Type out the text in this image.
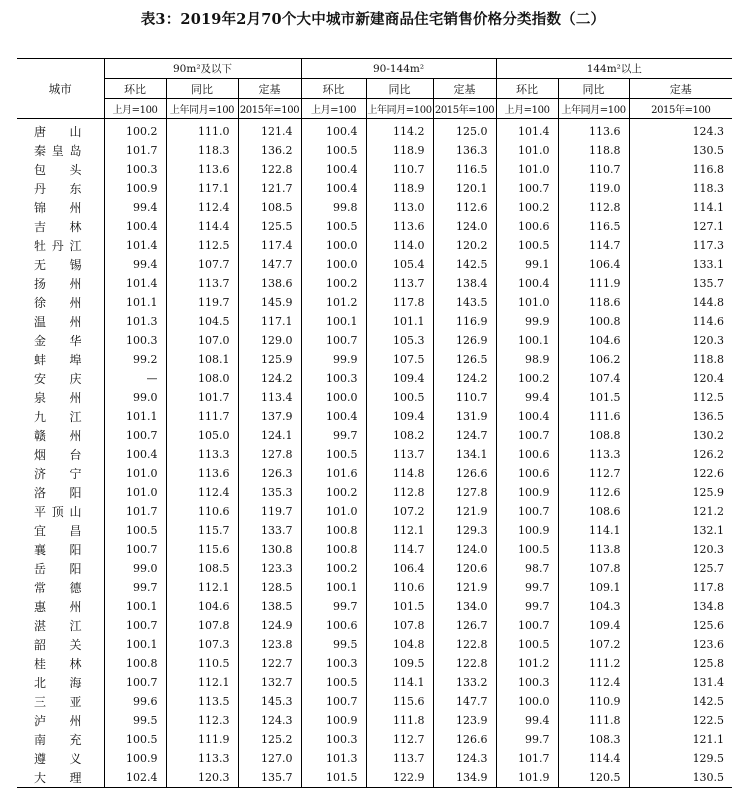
表3：2019年2月70个大中城市新建商品住宅销售价格分类指数（二）
城市	90m²及以下			90-144m²			144m²以上		
	环比	同比	定基	环比	同比	定基	环比	同比	定基
	上月=100	上年同月=100	2015年=100	上月=100	上年同月=100	2015年=100	上月=100	上年同月=100	2015年=100
唐山	100.2	111.0	121.4	100.4	114.2	125.0	101.4	113.6	124.3
秦皇岛	101.7	118.3	136.2	100.5	118.9	136.3	101.0	118.8	130.5
包头	100.3	113.6	122.8	100.4	110.7	116.5	101.0	110.7	116.8
丹东	100.9	117.1	121.7	100.4	118.9	120.1	100.7	119.0	118.3
锦州	99.4	112.4	108.5	99.8	113.0	112.6	100.2	112.8	114.1
吉林	100.4	114.4	125.5	100.5	113.6	124.0	100.6	116.5	127.1
牡丹江	101.4	112.5	117.4	100.0	114.0	120.2	100.5	114.7	117.3
无锡	99.4	107.7	147.7	100.0	105.4	142.5	99.1	106.4	133.1
扬州	101.4	113.7	138.6	100.2	113.7	138.4	100.4	111.9	135.7
徐州	101.1	119.7	145.9	101.2	117.8	143.5	101.0	118.6	144.8
温州	101.3	104.5	117.1	100.1	101.1	116.9	99.9	100.8	114.6
金华	100.3	107.0	129.0	100.7	105.3	126.9	100.1	104.6	120.3
蚌埠	99.2	108.1	125.9	99.9	107.5	126.5	98.9	106.2	118.8
安庆	—	108.0	124.2	100.3	109.4	124.2	100.2	107.4	120.4
泉州	99.0	101.7	113.4	100.0	100.5	110.7	99.4	101.5	112.5
九江	101.1	111.7	137.9	100.4	109.4	131.9	100.4	111.6	136.5
赣州	100.7	105.0	124.1	99.7	108.2	124.7	100.7	108.8	130.2
烟台	100.4	113.3	127.8	100.5	113.7	134.1	100.6	113.3	126.2
济宁	101.0	113.6	126.3	101.6	114.8	126.6	100.6	112.7	122.6
洛阳	101.0	112.4	135.3	100.2	112.8	127.8	100.9	112.6	125.9
平顶山	101.7	110.6	119.7	101.0	107.2	121.9	100.7	108.6	121.2
宜昌	100.5	115.7	133.7	100.8	112.1	129.3	100.9	114.1	132.1
襄阳	100.7	115.6	130.8	100.8	114.7	124.0	100.5	113.8	120.3
岳阳	99.0	108.5	123.3	100.2	106.4	120.6	98.7	107.8	125.7
常德	99.7	112.1	128.5	100.1	110.6	121.9	99.7	109.1	117.8
惠州	100.1	104.6	138.5	99.7	101.5	134.0	99.7	104.3	134.8
湛江	100.7	107.8	124.9	100.6	107.8	126.7	100.7	109.4	125.6
韶关	100.1	107.3	123.8	99.5	104.8	122.8	100.5	107.2	123.6
桂林	100.8	110.5	122.7	100.3	109.5	122.8	101.2	111.2	125.8
北海	100.7	112.1	132.7	100.5	114.1	133.2	100.3	112.4	131.4
三亚	99.6	113.5	145.3	100.7	115.6	147.7	100.0	110.9	142.5
泸州	99.5	112.3	124.3	100.9	111.8	123.9	99.4	111.8	122.5
南充	100.5	111.9	125.2	100.3	112.7	126.6	99.7	108.3	121.1
遵义	100.9	113.3	127.0	101.3	113.7	124.3	101.7	114.4	129.5
大理	102.4	120.3	135.7	101.5	122.9	134.9	101.9	120.5	130.5
